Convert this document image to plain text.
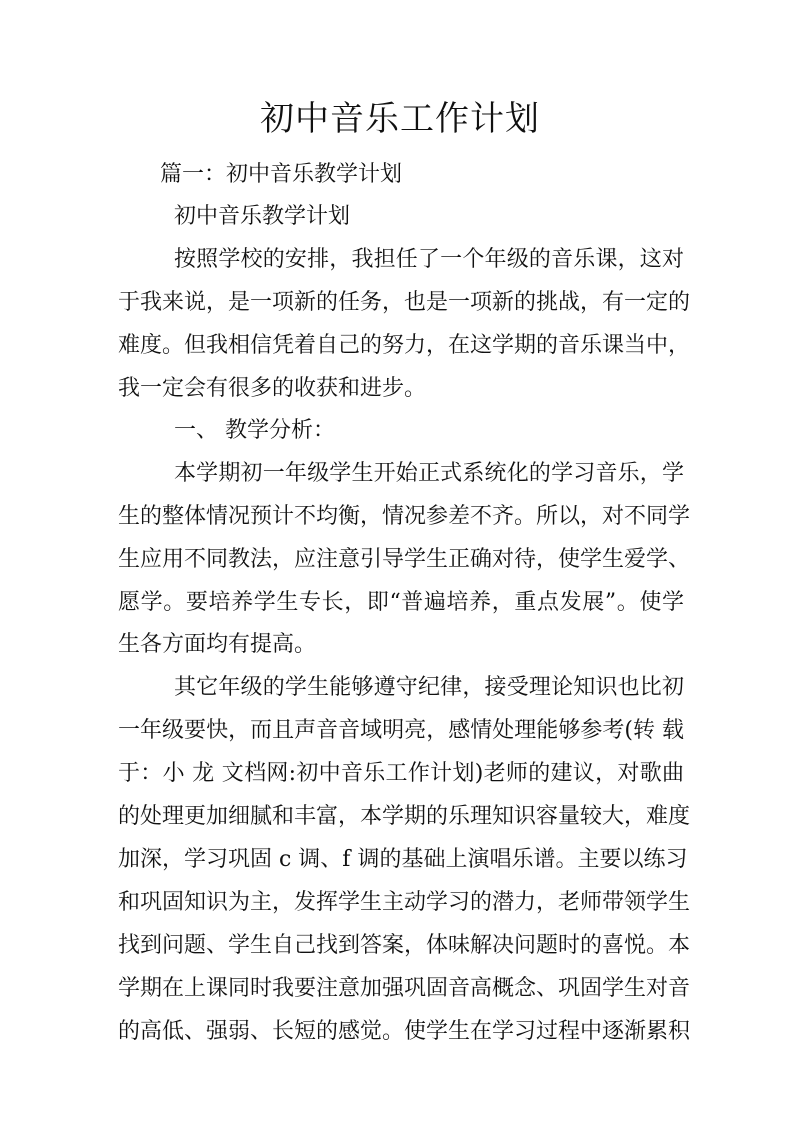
初中音乐工作计划

篇一：初中音乐教学计划

初中音乐教学计划

按照学校的安排，我担任了一个年级的音乐课，这对

于我来说，是一项新的任务，也是一项新的挑战，有一定的

难度。但我相信凭着自己的努力，在这学期的音乐课当中，

我一定会有很多的收获和进步。

一、 教学分析：

本学期初一年级学生开始正式系统化的学习音乐，学

生的整体情况预计不均衡，情况参差不齐。所以，对不同学

生应用不同教法，应注意引导学生正确对待，使学生爱学、

愿学。要培养学生专长，即“普遍培养，重点发展”。使学

生各方面均有提高。

其它年级的学生能够遵守纪律，接受理论知识也比初

一年级要快，而且声音音域明亮，感情处理能够参考(转 载

于：小 龙 文档网:初中音乐工作计划)老师的建议，对歌曲

的处理更加细腻和丰富，本学期的乐理知识容量较大，难度

加深，学习巩固 c 调、f 调的基础上演唱乐谱。主要以练习

和巩固知识为主，发挥学生主动学习的潜力，老师带领学生

找到问题、学生自己找到答案，体味解决问题时的喜悦。本

学期在上课同时我要注意加强巩固音高概念、巩固学生对音

的高低、强弱、长短的感觉。使学生在学习过程中逐渐累积
